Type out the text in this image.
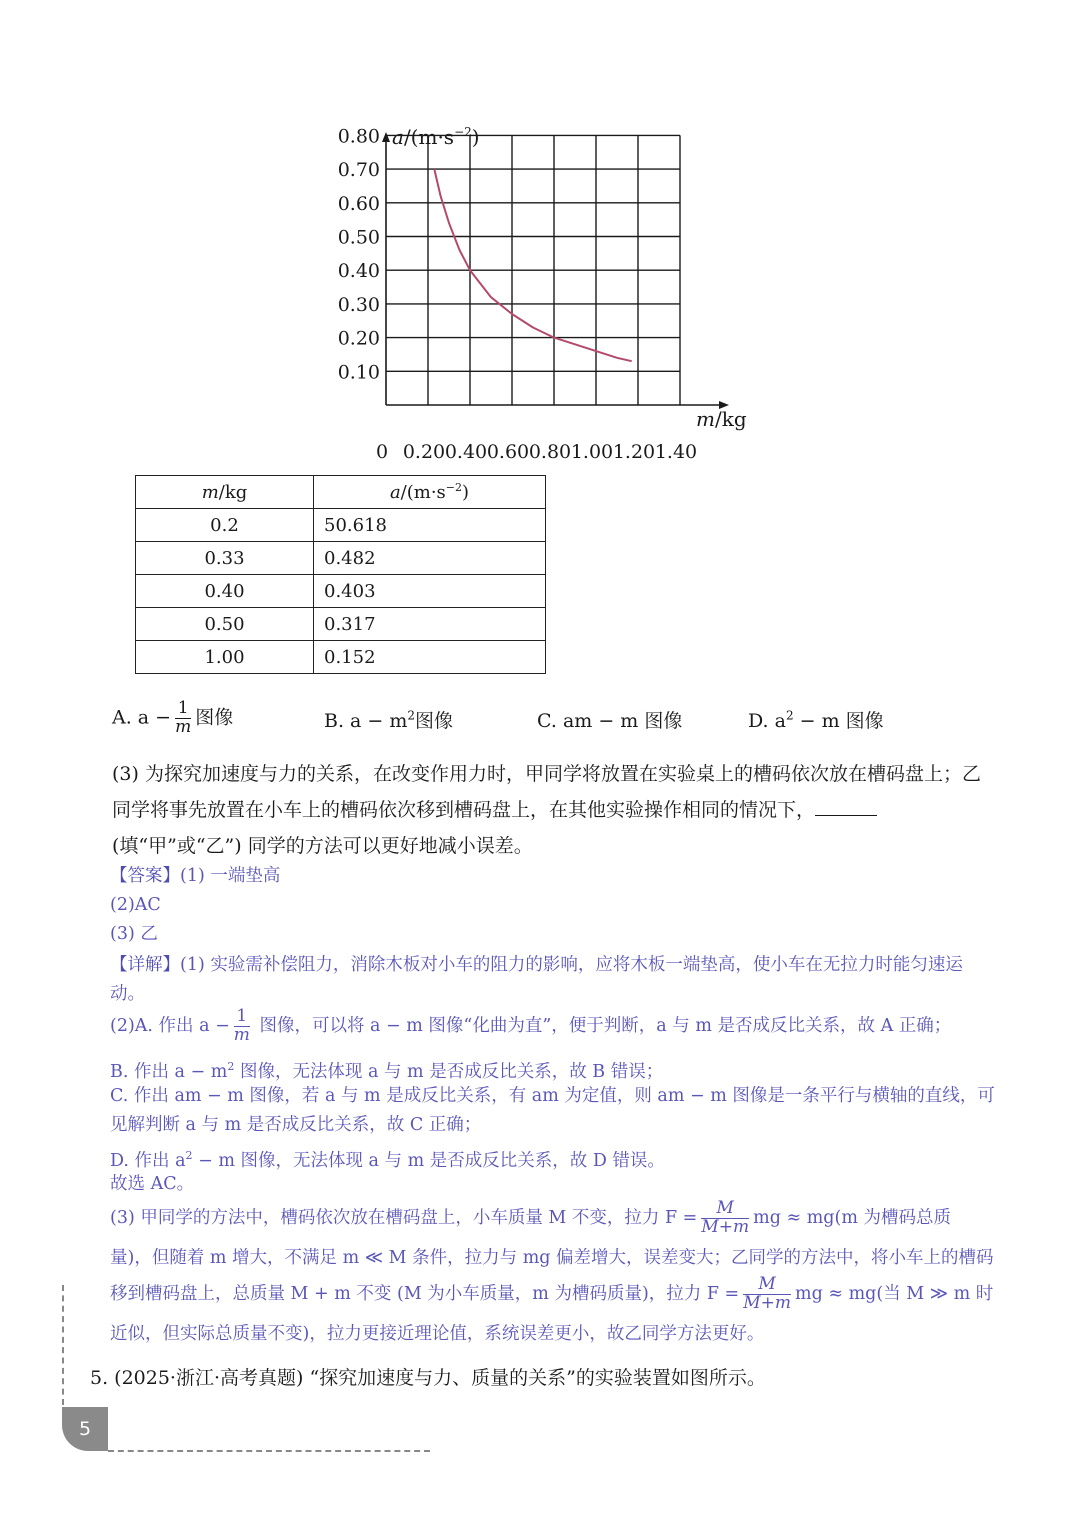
0.10
0.20
0.30
0.40
0.50
0.60
0.70
0.80
0 0.20 0.40 0.60 0.80 1.00 1.20 1.40
$a/(m\cdot s^{-2})$
m/kg
m/kg	$a/(m\cdot s^{-2})$
0.2	50.618
0.33	0.482
0.40	0.403
0.50	0.317
1.00	0.152
A. $a - \frac{1}{m}$ 图像	B. $a - m^2$图像	C. am − m 图像	D. $a^2 - m$ 图像
(3) 为探究加速度与力的关系，在改变作用力时，甲同学将放置在实验桌上的槽码依次放在槽码盘上；乙同学将事先放置在小车上的槽码依次移到槽码盘上，在其他实验操作相同的情况下，(填“甲”或“乙”) 同学的方法可以更好地减小误差。
【答案】(1) 一端垫高
(2)AC
(3) 乙
【详解】(1) 实验需补偿阻力，消除木板对小车的阻力的影响，应将木板一端垫高，使小车在无拉力时能匀速运
动。
(2)A. 作出 $a - \frac{1}{m}$ 图像，可以将 a − m 图像“化曲为直”，便于判断，a 与 m 是否成反比关系，故 A 正确；
B. 作出 $a - m^2$ 图像，无法体现 a 与 m 是否成反比关系，故 B 错误；
C. 作出 am − m 图像，若 a 与 m 是成反比关系，有 am 为定值，则 am − m 图像是一条平行与横轴的直线，可
见解判断 a 与 m 是否成反比关系，故 C 正确；
D. 作出 $a^2 - m$ 图像，无法体现 a 与 m 是否成反比关系，故 D 错误。
故选 AC。
(3) 甲同学的方法中，槽码依次放在槽码盘上，小车质量 M 不变，拉力 $F = \frac{M}{M+m}$ mg ≈ mg(m 为槽码总质
量)，但随着 m 增大，不满足 m ≪ M 条件，拉力与 mg 偏差增大，误差变大；乙同学的方法中，将小车上的槽码
移到槽码盘上，总质量 M + m 不变 (M 为小车质量，m 为槽码质量)，拉力 $F = \frac{M}{M+m}$ mg ≈ mg(当 M ≫ m 时
近似，但实际总质量不变)，拉力更接近理论值，系统误差更小，故乙同学方法更好。
5. (2025·浙江·高考真题) “探究加速度与力、质量的关系”的实验装置如图所示。
5
